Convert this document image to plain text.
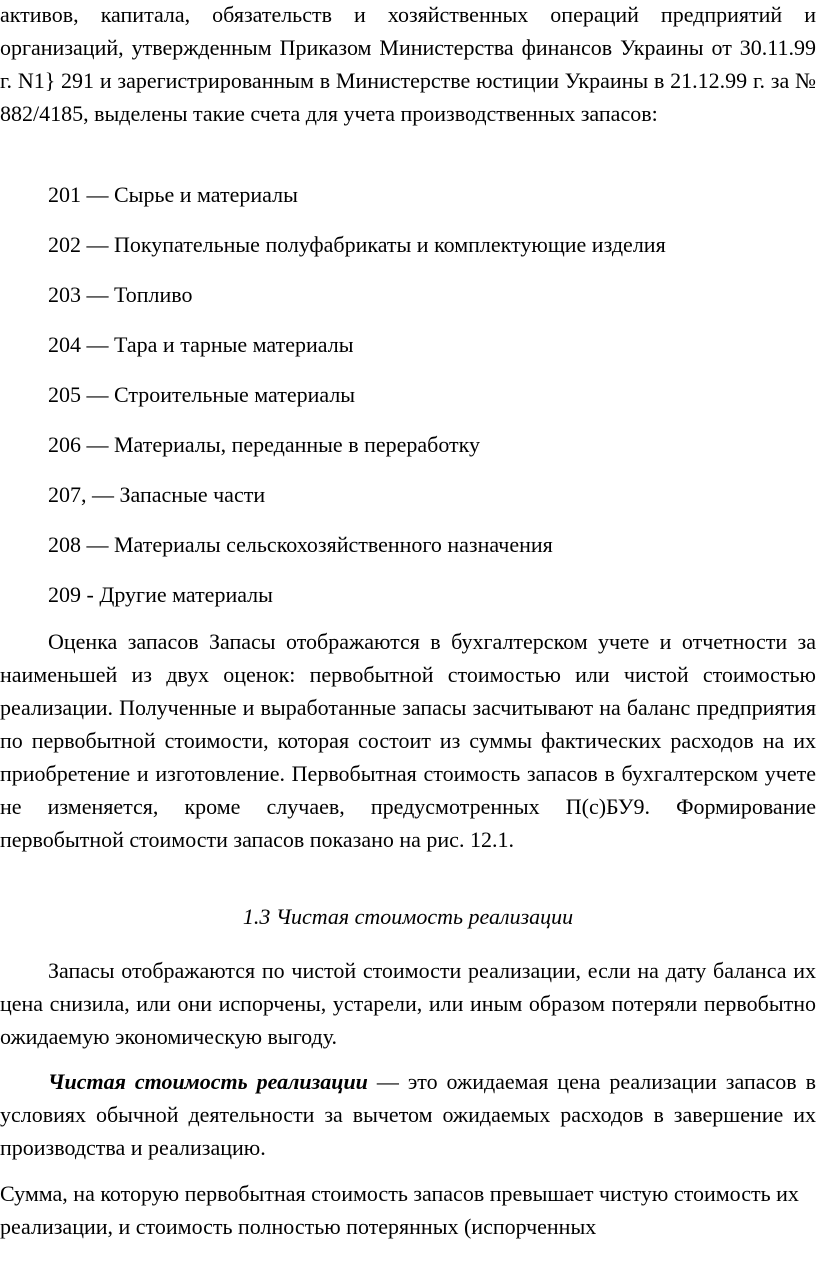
активов, капитала, обязательств и хозяйственных операций предприятий и организаций, утвержденным Приказом Министерства финансов Украины от 30.11.99 г. N1} 291 и зарегистрированным в Министерстве юстиции Украины в 21.12.99 г. за № 882/4185, выделены такие счета для учета производственных запасов:

201 — Сырье и материалы

202 — Покупательные полуфабрикаты и комплектующие изделия

203 — Топливо

204 — Тара и тарные материалы

205 — Строительные материалы

206 — Материалы, переданные в переработку

207, — Запасные части

208 — Материалы сельскохозяйственного назначения

209 - Другие материалы

Оценка запасов Запасы отображаются в бухгалтерском учете и отчетности за наименьшей из двух оценок: первобытной стоимостью или чистой стоимостью реализации. Полученные и выработанные запасы засчитывают на баланс предприятия по первобытной стоимости, которая состоит из суммы фактических расходов на их приобретение и изготовление. Первобытная стоимость запасов в бухгалтерском учете не изменяется, кроме случаев, предусмотренных П(с)БУ9. Формирование первобытной стоимости запасов показано на рис. 12.1.

1.3 Чистая стоимость реализации

Запасы отображаются по чистой стоимости реализации, если на дату баланса их цена снизила, или они испорчены, устарели, или иным образом потеряли первобытно ожидаемую экономическую выгоду.

Чистая стоимость реализации — это ожидаемая цена реализации запасов в условиях обычной деятельности за вычетом ожидаемых расходов в завершение их производства и реализацию.

Сумма, на которую первобытная стоимость запасов превышает чистую стоимость их реализации, и стоимость полностью потерянных (испорченных
